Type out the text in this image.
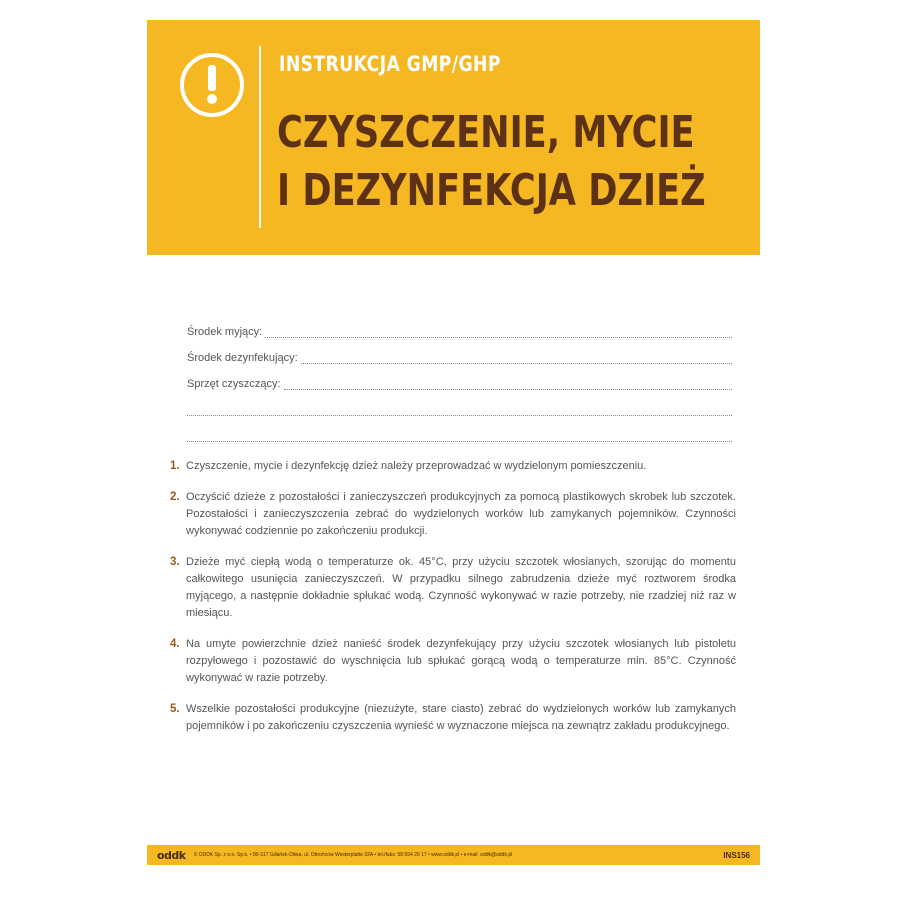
INSTRUKCJA GMP/GHP
CZYSZCZENIE, MYCIE
I DEZYNFEKCJA DZIEŻ
Środek myjący:
Środek dezynfekujący:
Sprzęt czyszczący:
1. Czyszczenie, mycie i dezynfekcję dzież należy przeprowadzać w wydzielonym pomieszczeniu.
2. Oczyścić dzieże z pozostałości i zanieczyszczeń produkcyjnych za pomocą plastikowych skrobek lub szczotek. Pozostałości i zanieczyszczenia zebrać do wydzielonych worków lub zamykanych pojemników. Czynności wykonywać codziennie po zakończeniu produkcji.
3. Dzieże myć ciepłą wodą o temperaturze ok. 45°C, przy użyciu szczotek włosianych, szorując do momentu całkowitego usunięcia zanieczyszczeń. W przypadku silnego zabrudzenia dzieże myć roztworem środka myjącego, a następnie dokładnie spłukać wodą. Czynność wykonywać w razie potrzeby, nie rzadziej niż raz w miesiącu.
4. Na umyte powierzchnie dzież nanieść środek dezynfekujący przy użyciu szczotek włosianych lub pistoletu rozpyłowego i pozostawić do wyschnięcia lub spłukać gorącą wodą o temperaturze min. 85°C. Czynność wykonywać w razie potrzeby.
5. Wszelkie pozostałości produkcyjne (niezużyte, stare ciasto) zebrać do wydzielonych worków lub zamykanych pojemników i po zakończeniu czyszczenia wynieść w wyznaczone miejsca na zewnątrz zakładu produkcyjnego.
oddk © ODDK Sp. z o.o. Sp.k. • 80-317 Gdańsk-Oliwa, ul. Obrońców Westerplatte 32A • tel./faks: 58 554 29 17 • www.oddk.pl • e-mail: oddk@oddk.pl	INS156
